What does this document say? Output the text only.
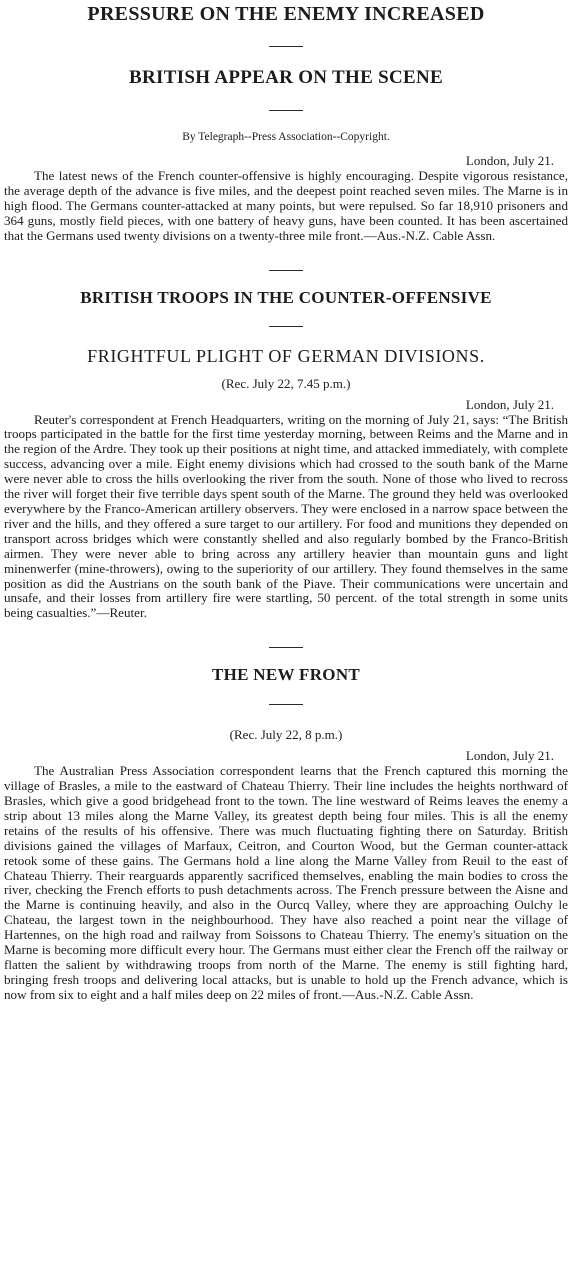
PRESSURE ON THE ENEMY INCREASED
BRITISH APPEAR ON THE SCENE
By Telegraph--Press Association--Copyright.
London, July 21.

The latest news of the French counter-offensive is highly encouraging. Despite vigorous resistance, the average depth of the advance is five miles, and the deepest point reached seven miles. The Marne is in high flood. The Germans counter-attacked at many points, but were repulsed. So far 18,910 prisoners and 364 guns, mostly field pieces, with one battery of heavy guns, have been counted. It has been ascertained that the Germans used twenty divisions on a twenty-three mile front.—Aus.-N.Z. Cable Assn.

BRITISH TROOPS IN THE COUNTER-OFFENSIVE
FRIGHTFUL PLIGHT OF GERMAN DIVISIONS.
(Rec. July 22, 7.45 p.m.)
London, July 21.

Reuter's correspondent at French Headquarters, writing on the morning of July 21, says: “The British troops participated in the battle for the first time yesterday morning, between Reims and the Marne and in the region of the Ardre. They took up their positions at night time, and attacked immediately, with complete success, advancing over a mile. Eight enemy divisions which had crossed to the south bank of the Marne were never able to cross the hills overlooking the river from the south. None of those who lived to recross the river will forget their five terrible days spent south of the Marne. The ground they held was overlooked everywhere by the Franco-American artillery observers. They were enclosed in a narrow space between the river and the hills, and they offered a sure target to our artillery. For food and munitions they depended on transport across bridges which were constantly shelled and also regularly bombed by the Franco-British airmen. They were never able to bring across any artillery heavier than mountain guns and light minenwerfer (mine-throwers), owing to the superiority of our artillery. They found themselves in the same position as did the Austrians on the south bank of the Piave. Their communications were uncertain and unsafe, and their losses from artillery fire were startling, 50 percent. of the total strength in some units being casualties.”—Reuter.

THE NEW FRONT
(Rec. July 22, 8 p.m.)
London, July 21.

The Australian Press Association correspondent learns that the French captured this morning the village of Brasles, a mile to the eastward of Chateau Thierry. Their line includes the heights northward of Brasles, which give a good bridgehead front to the town. The line westward of Reims leaves the enemy a strip about 13 miles along the Marne Valley, its greatest depth being four miles. This is all the enemy retains of the results of his offensive. There was much fluctuating fighting there on Saturday. British divisions gained the villages of Marfaux, Ceitron, and Courton Wood, but the German counter-attack retook some of these gains. The Germans hold a line along the Marne Valley from Reuil to the east of Chateau Thierry. Their rearguards apparently sacrificed themselves, enabling the main bodies to cross the river, checking the French efforts to push detachments across. The French pressure between the Aisne and the Marne is continuing heavily, and also in the Ourcq Valley, where they are approaching Oulchy le Chateau, the largest town in the neighbourhood. They have also reached a point near the village of Hartennes, on the high road and railway from Soissons to Chateau Thierry. The enemy's situation on the Marne is becoming more difficult every hour. The Germans must either clear the French off the railway or flatten the salient by withdrawing troops from north of the Marne. The enemy is still fighting hard, bringing fresh troops and delivering local attacks, but is unable to hold up the French advance, which is now from six to eight and a half miles deep on 22 miles of front.—Aus.-N.Z. Cable Assn.
